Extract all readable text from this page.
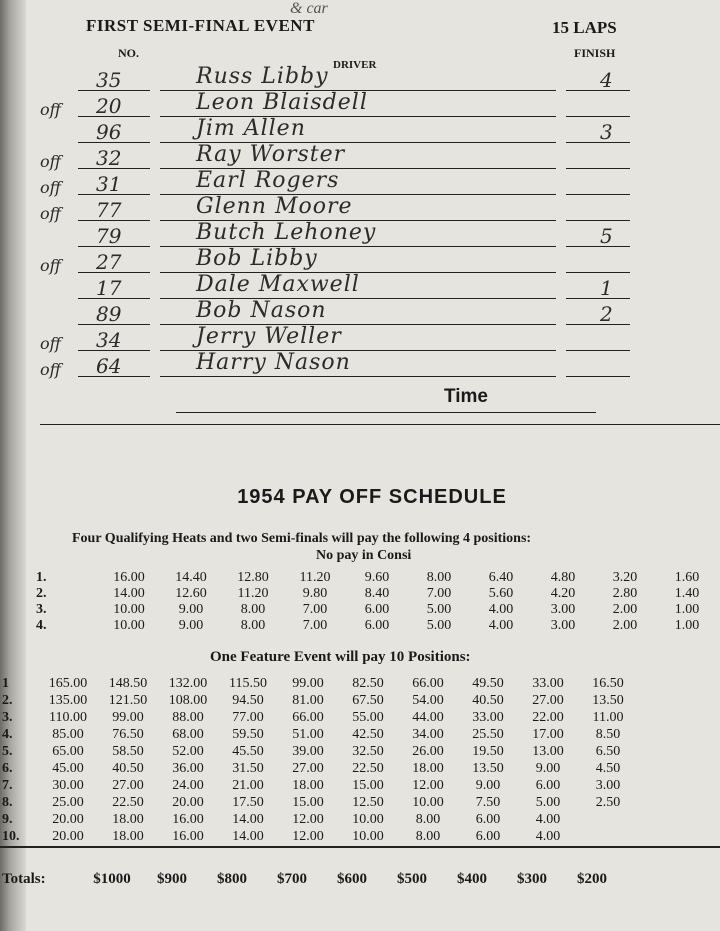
& car
FIRST SEMI-FINAL EVENT	15 LAPS
NO.
DRIVER
FINISH
35	Russ Libby	4
off 20	Leon Blaisdell
96	Jim Allen	3
off 32	Ray Worster
off 31	Earl Rogers
off 77	Glenn Moore
79	Butch Lehoney	5
off 27	Bob Libby
17	Dale Maxwell	1
89	Bob Nason	2
off 34	Jerry Weller
off 64	Harry Nason
Time
1954 PAY OFF SCHEDULE
Four Qualifying Heats and two Semi-finals will pay the following 4 positions:
No pay in Consi
1.	16.00	14.40	12.80	11.20	9.60	8.00	6.40	4.80	3.20	1.60
2.	14.00	12.60	11.20	9.80	8.40	7.00	5.60	4.20	2.80	1.40
3.	10.00	9.00	8.00	7.00	6.00	5.00	4.00	3.00	2.00	1.00
4.	10.00	9.00	8.00	7.00	6.00	5.00	4.00	3.00	2.00	1.00
One Feature Event will pay 10 Positions:
1	165.00	148.50	132.00	115.50	99.00	82.50	66.00	49.50	33.00	16.50
2.	135.00	121.50	108.00	94.50	81.00	67.50	54.00	40.50	27.00	13.50
3.	110.00	99.00	88.00	77.00	66.00	55.00	44.00	33.00	22.00	11.00
4.	85.00	76.50	68.00	59.50	51.00	42.50	34.00	25.50	17.00	8.50
5.	65.00	58.50	52.00	45.50	39.00	32.50	26.00	19.50	13.00	6.50
6.	45.00	40.50	36.00	31.50	27.00	22.50	18.00	13.50	9.00	4.50
7.	30.00	27.00	24.00	21.00	18.00	15.00	12.00	9.00	6.00	3.00
8.	25.00	22.50	20.00	17.50	15.00	12.50	10.00	7.50	5.00	2.50
9.	20.00	18.00	16.00	14.00	12.00	10.00	8.00	6.00	4.00	
10.	20.00	18.00	16.00	14.00	12.00	10.00	8.00	6.00	4.00	
Totals:	$1000	$900	$800	$700	$600	$500	$400	$300	$200
